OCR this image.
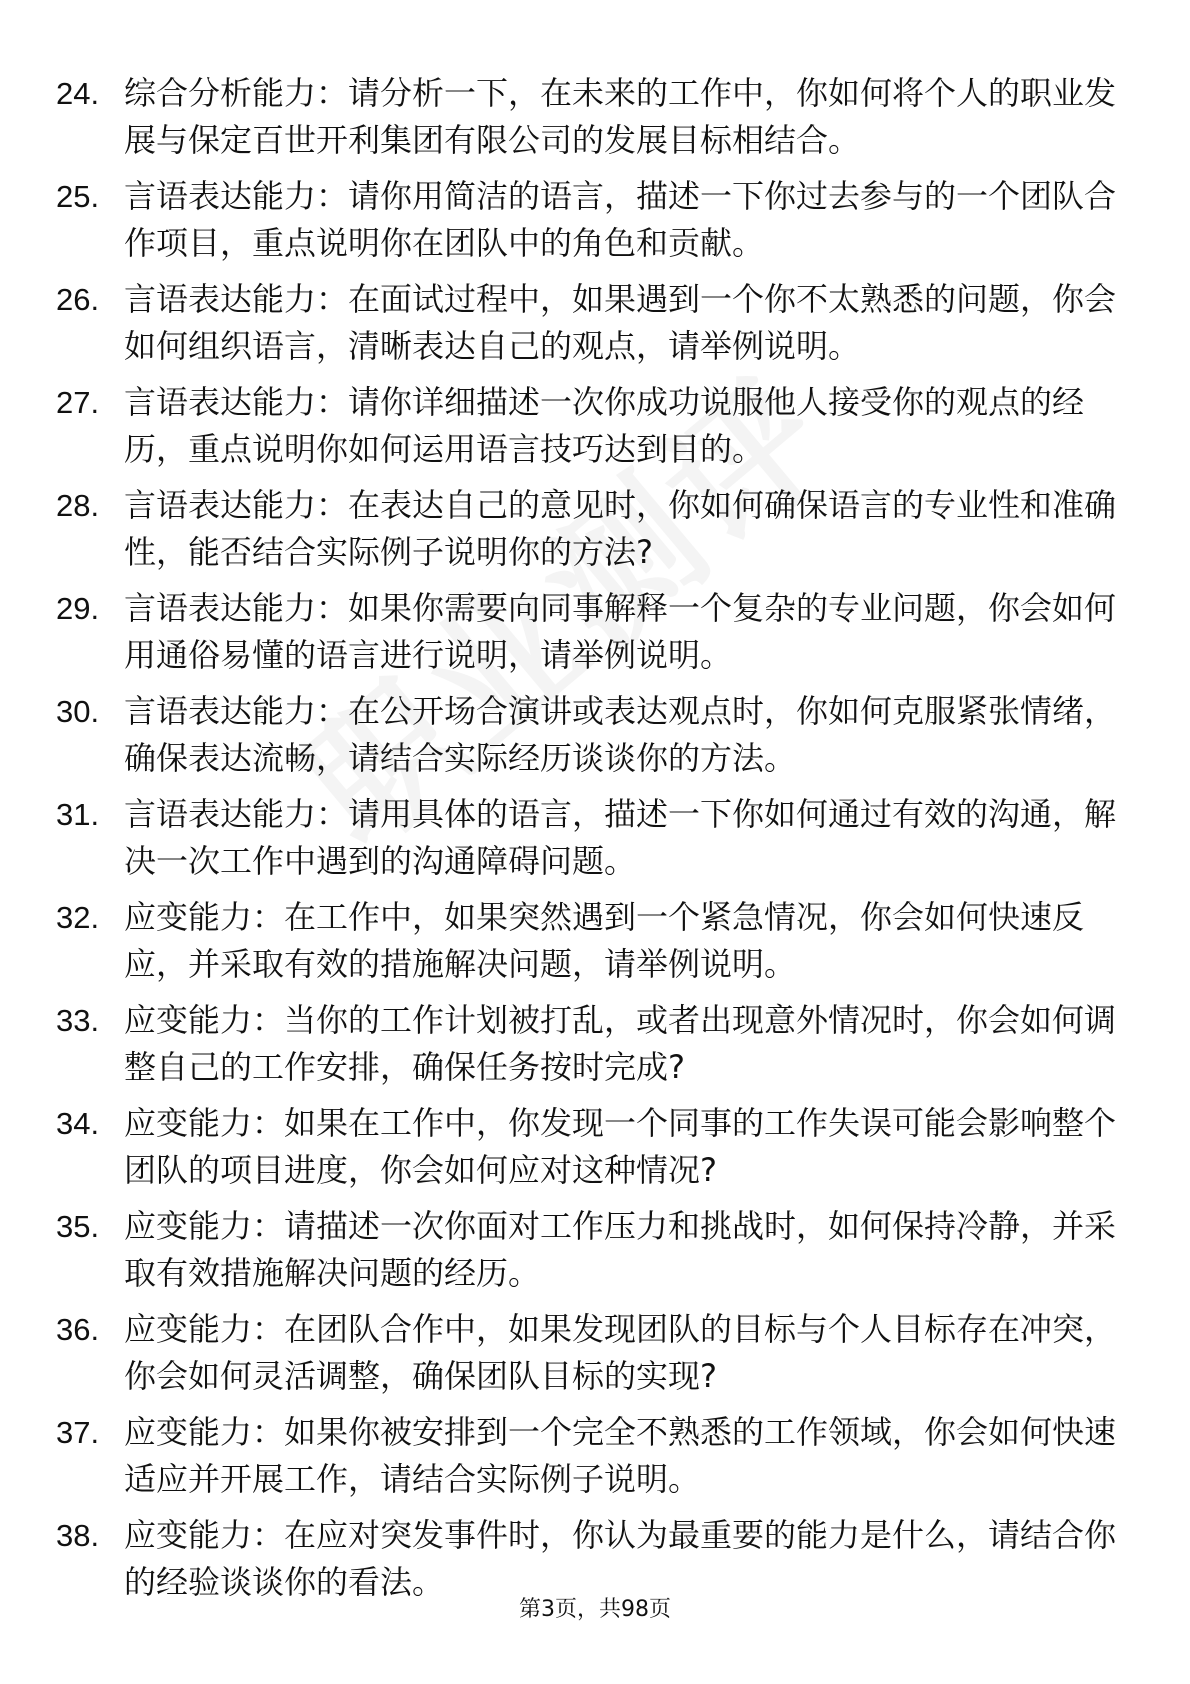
24. 综合分析能力：请分析一下，在未来的工作中，你如何将个人的职业发展与保定百世开利集团有限公司的发展目标相结合。
25. 言语表达能力：请你用简洁的语言，描述一下你过去参与的一个团队合作项目，重点说明你在团队中的角色和贡献。
26. 言语表达能力：在面试过程中，如果遇到一个你不太熟悉的问题，你会如何组织语言，清晰表达自己的观点，请举例说明。
27. 言语表达能力：请你详细描述一次你成功说服他人接受你的观点的经历，重点说明你如何运用语言技巧达到目的。
28. 言语表达能力：在表达自己的意见时，你如何确保语言的专业性和准确性，能否结合实际例子说明你的方法?
29. 言语表达能力：如果你需要向同事解释一个复杂的专业问题，你会如何用通俗易懂的语言进行说明，请举例说明。
30. 言语表达能力：在公开场合演讲或表达观点时，你如何克服紧张情绪，确保表达流畅，请结合实际经历谈谈你的方法。
31. 言语表达能力：请用具体的语言，描述一下你如何通过有效的沟通，解决一次工作中遇到的沟通障碍问题。
32. 应变能力：在工作中，如果突然遇到一个紧急情况，你会如何快速反应，并采取有效的措施解决问题，请举例说明。
33. 应变能力：当你的工作计划被打乱，或者出现意外情况时，你会如何调整自己的工作安排，确保任务按时完成?
34. 应变能力：如果在工作中，你发现一个同事的工作失误可能会影响整个团队的项目进度，你会如何应对这种情况?
35. 应变能力：请描述一次你面对工作压力和挑战时，如何保持冷静，并采取有效措施解决问题的经历。
36. 应变能力：在团队合作中，如果发现团队的目标与个人目标存在冲突，你会如何灵活调整，确保团队目标的实现?
37. 应变能力：如果你被安排到一个完全不熟悉的工作领域，你会如何快速适应并开展工作，请结合实际例子说明。
38. 应变能力：在应对突发事件时，你认为最重要的能力是什么，请结合你的经验谈谈你的看法。
第3页，共98页
